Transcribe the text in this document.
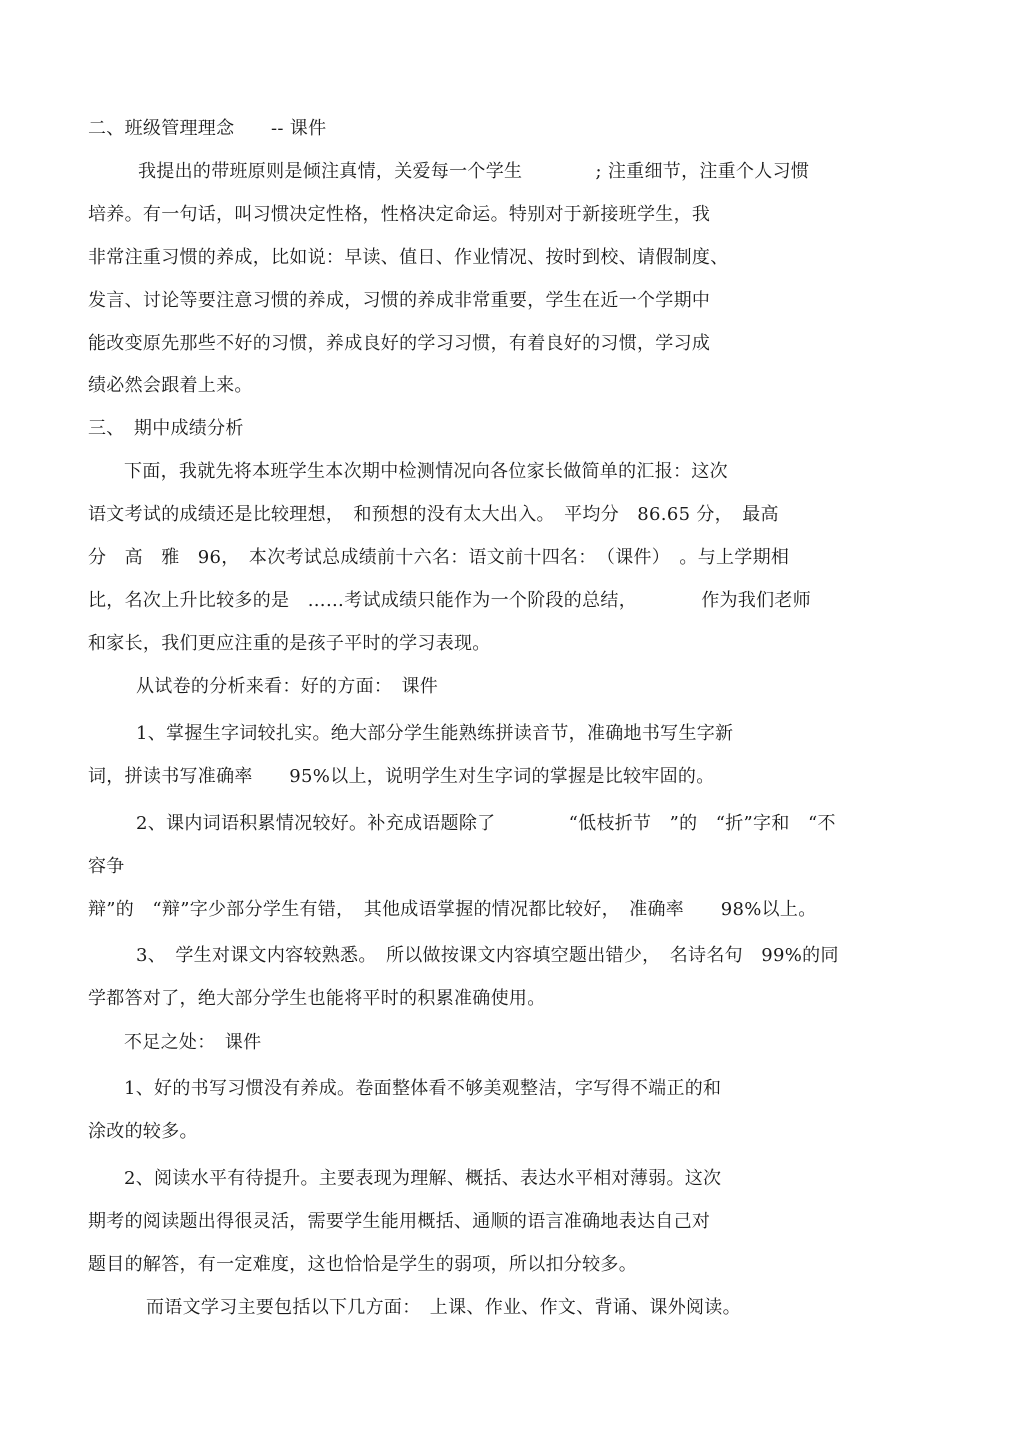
二、班级管理理念　　-- 课件
我提出的带班原则是倾注真情，关爱每一个学生　　　　; 注重细节，注重个人习惯
培养。有一句话，叫习惯决定性格，性格决定命运。特别对于新接班学生，我
非常注重习惯的养成，比如说：早读、值日、作业情况、按时到校、请假制度、
发言、讨论等要注意习惯的养成，习惯的养成非常重要，学生在近一个学期中
能改变原先那些不好的习惯，养成良好的学习习惯，有着良好的习惯，学习成
绩必然会跟着上来。
三、　期中成绩分析
下面，我就先将本班学生本次期中检测情况向各位家长做简单的汇报：这次
语文考试的成绩还是比较理想，　和预想的没有太大出入。　平均分　86.65 分，　最高
分　高　雅　96，　本次考试总成绩前十六名：语文前十四名：　（课件）　。与上学期相
比，名次上升比较多的是　……考试成绩只能作为一个阶段的总结，　　　　作为我们老师
和家长，我们更应注重的是孩子平时的学习表现。
从试卷的分析来看：好的方面：　课件
1、掌握生字词较扎实。绝大部分学生能熟练拼读音节，准确地书写生字新
词，拼读书写准确率　　95%以上，说明学生对生字词的掌握是比较牢固的。
2、课内词语积累情况较好。补充成语题除了　　　　“低枝折节　”的　“折”字和　“不
容争
辩”的　“辩”字少部分学生有错，　其他成语掌握的情况都比较好，　准确率　　98%以上。
3、　学生对课文内容较熟悉。　所以做按课文内容填空题出错少，　名诗名句　99%的同
学都答对了，绝大部分学生也能将平时的积累准确使用。
不足之处：　课件
1、好的书写习惯没有养成。卷面整体看不够美观整洁，字写得不端正的和
涂改的较多。
2、阅读水平有待提升。主要表现为理解、概括、表达水平相对薄弱。这次
期考的阅读题出得很灵活，需要学生能用概括、通顺的语言准确地表达自己对
题目的解答，有一定难度，这也恰恰是学生的弱项，所以扣分较多。
而语文学习主要包括以下几方面：　上课、作业、作文、背诵、课外阅读。
